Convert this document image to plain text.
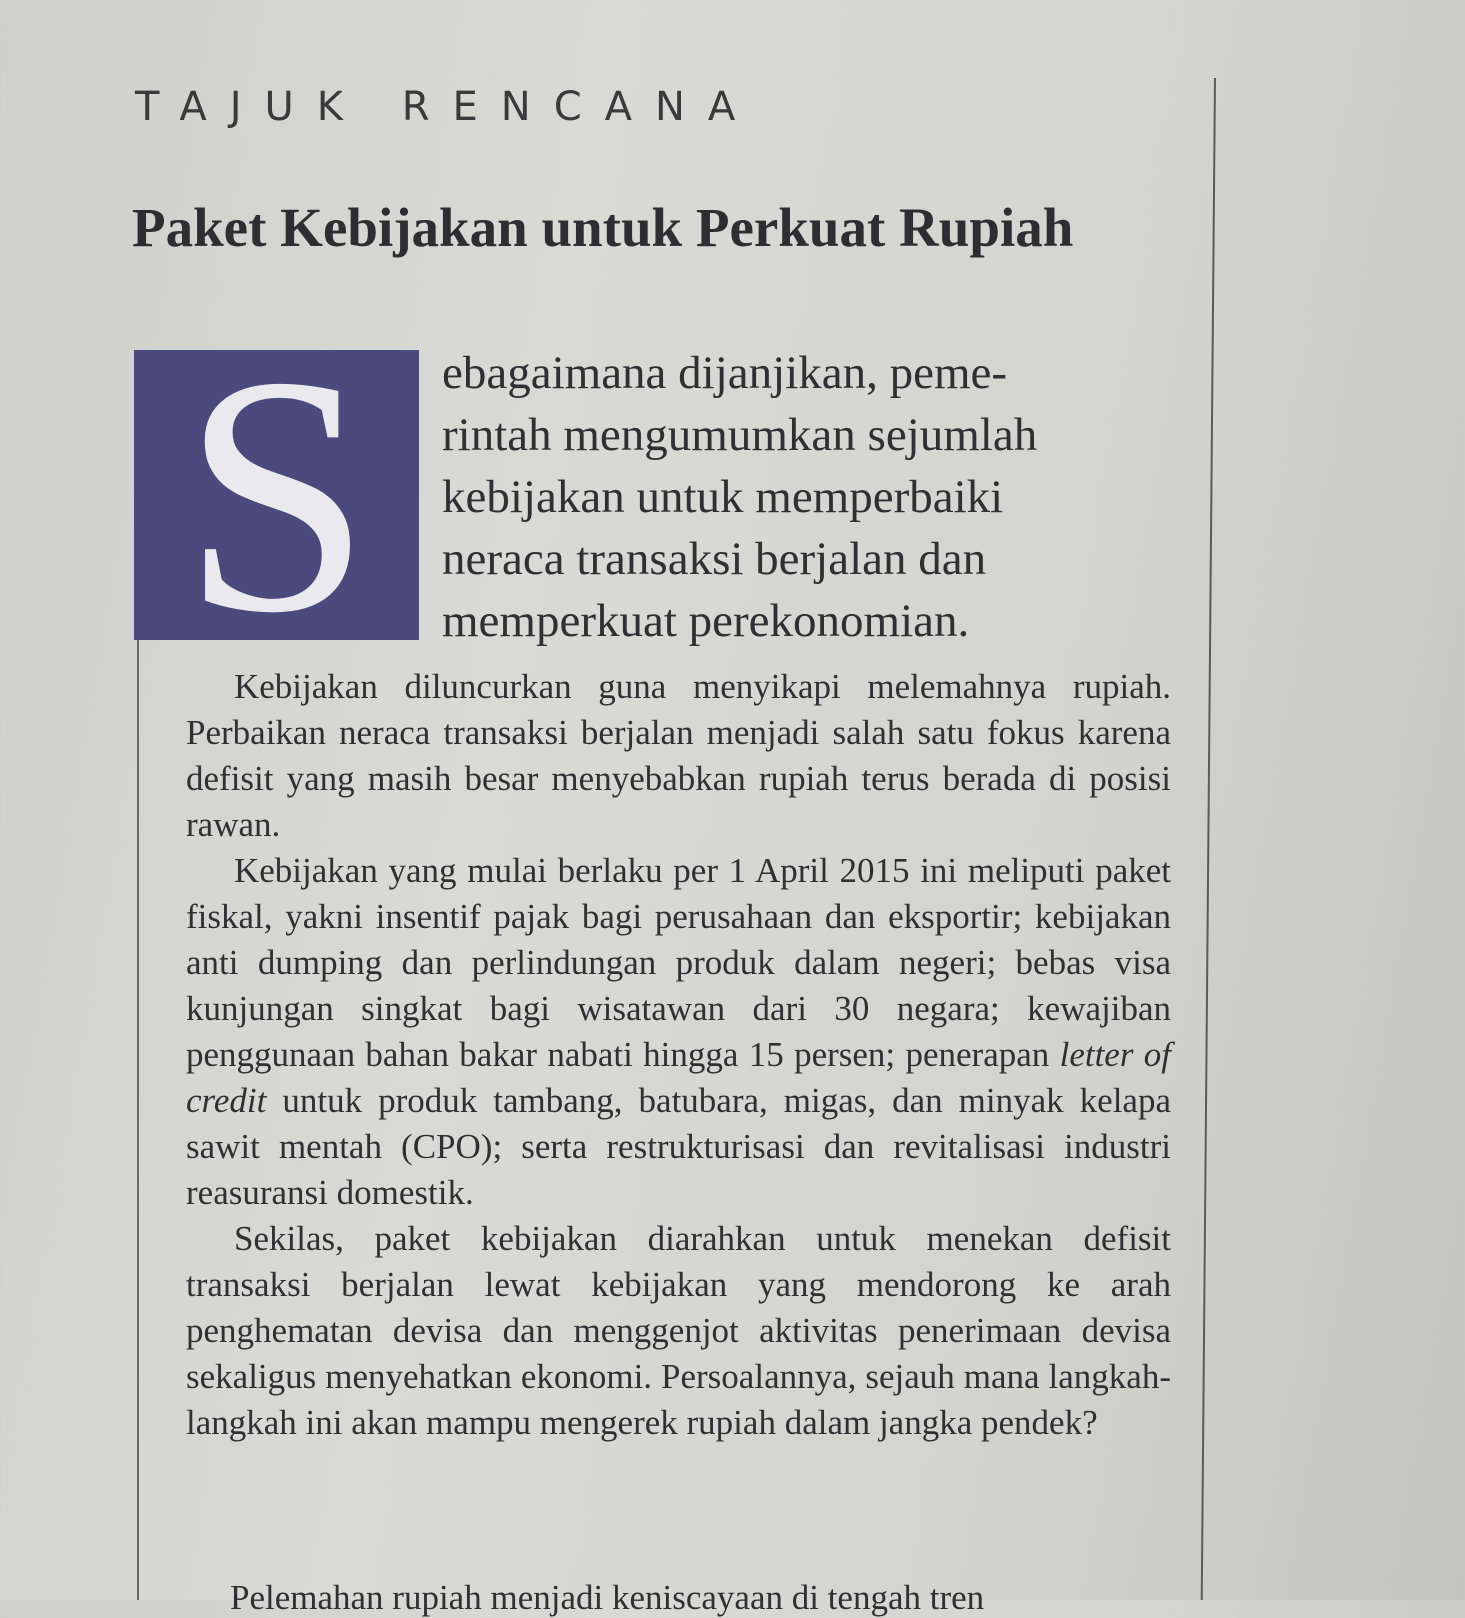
TAJUK RENCANA
Paket Kebijakan untuk Perkuat Rupiah
S	ebagaimana dijanjikan, peme-
rintah mengumumkan sejumlah
kebijakan untuk memperbaiki
neraca transaksi berjalan dan
memperkuat perekonomian.

Kebijakan diluncurkan guna menyikapi melemahnya rupiah. Perbaikan neraca transaksi berjalan menjadi salah satu fokus karena defisit yang masih besar menyebabkan rupiah terus berada di posisi rawan.

Kebijakan yang mulai berlaku per 1 April 2015 ini meliputi paket fiskal, yakni insentif pajak bagi perusahaan dan eksportir; kebijakan anti dumping dan perlindungan produk dalam negeri; bebas visa kunjungan singkat bagi wisatawan dari 30 negara; kewajiban penggunaan bahan bakar nabati hingga 15 persen; penerapan letter of credit untuk produk tambang, batubara, migas, dan minyak kelapa sawit mentah (CPO); serta restrukturisasi dan revitalisasi industri reasuransi domestik.

Sekilas, paket kebijakan diarahkan untuk menekan defisit transaksi berjalan lewat kebijakan yang mendorong ke arah penghematan devisa dan menggenjot aktivitas penerimaan devisa sekaligus menyehatkan ekonomi. Persoalannya, sejauh mana langkah-langkah ini akan mampu mengerek rupiah dalam jangka pendek?

Pelemahan rupiah menjadi keniscayaan di tengah tren
